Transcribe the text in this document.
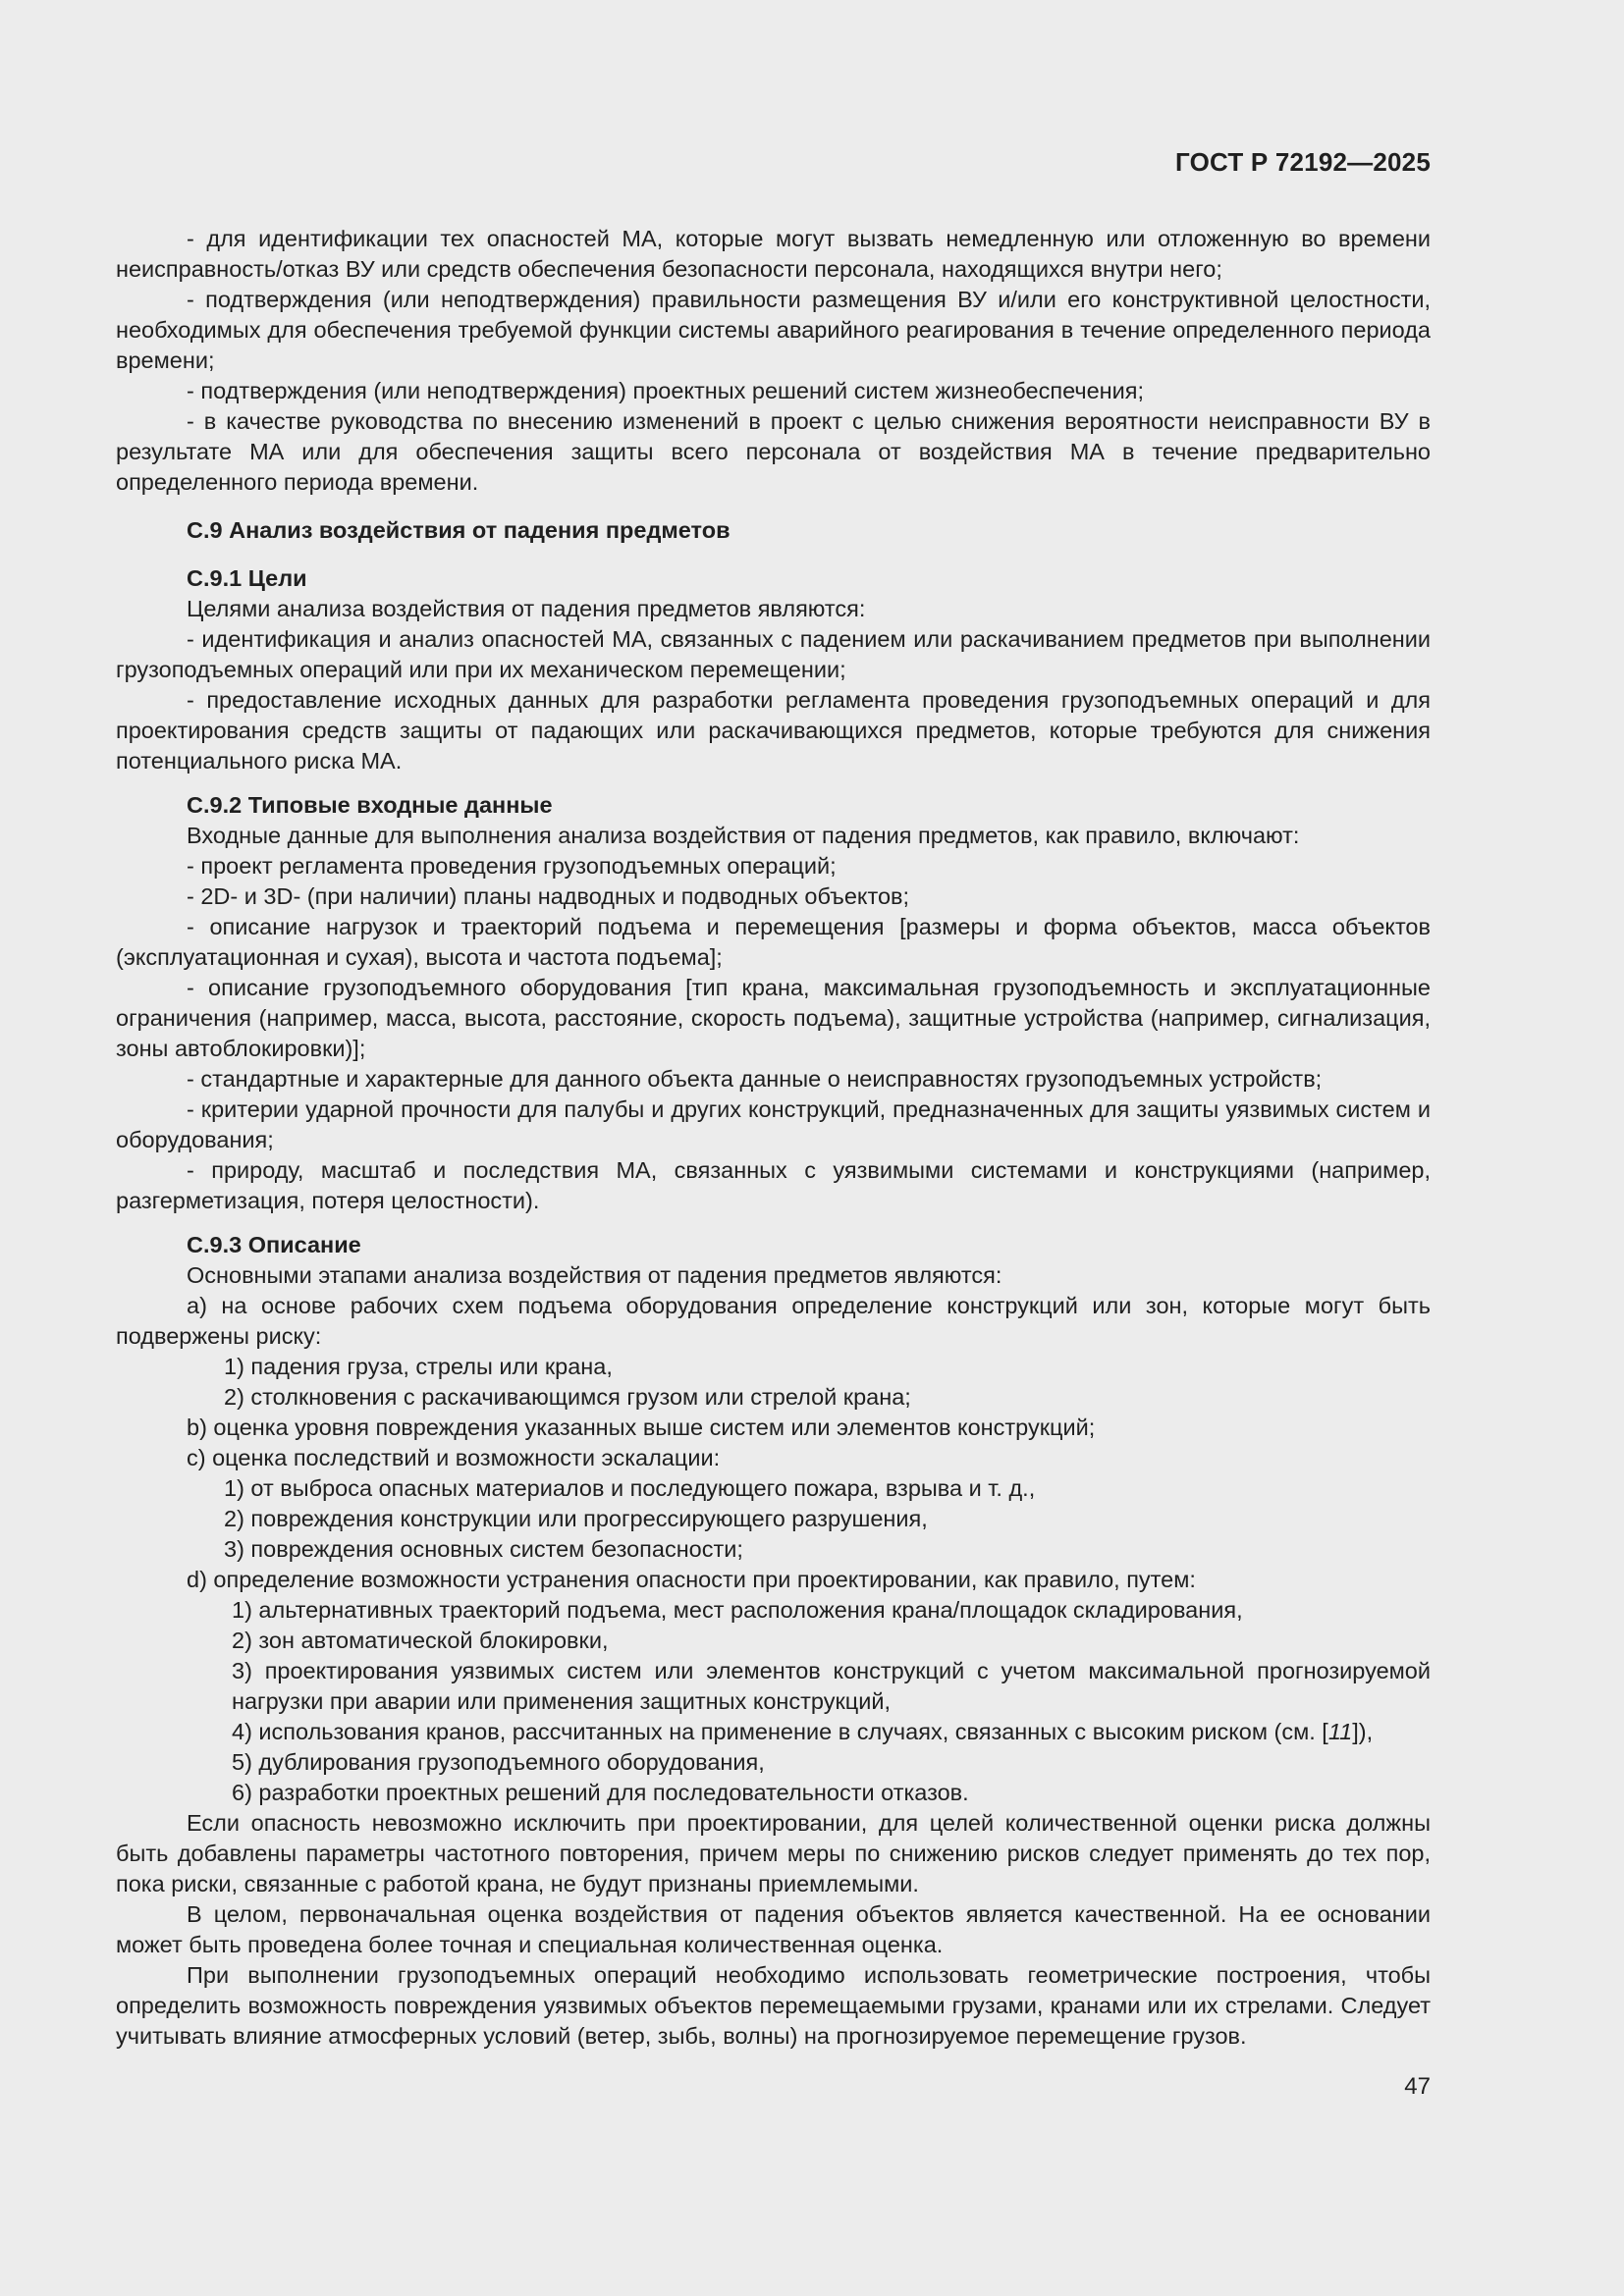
ГОСТ Р 72192—2025

- для идентификации тех опасностей МА, которые могут вызвать немедленную или отложенную во времени неисправность/отказ ВУ или средств обеспечения безопасности персонала, находящихся внутри него;

- подтверждения (или неподтверждения) правильности размещения ВУ и/или его конструктивной целостности, необходимых для обеспечения требуемой функции системы аварийного реагирования в течение определенного периода времени;

- подтверждения (или неподтверждения) проектных решений систем жизнеобеспечения;

- в качестве руководства по внесению изменений в проект с целью снижения вероятности неисправности ВУ в результате МА или для обеспечения защиты всего персонала от воздействия МА в течение предварительно определенного периода времени.

С.9 Анализ воздействия от падения предметов

С.9.1 Цели

Целями анализа воздействия от падения предметов являются:

- идентификация и анализ опасностей МА, связанных с падением или раскачиванием предметов при выполнении грузоподъемных операций или при их механическом перемещении;

- предоставление исходных данных для разработки регламента проведения грузоподъемных операций и для проектирования средств защиты от падающих или раскачивающихся предметов, которые требуются для снижения потенциального риска МА.

С.9.2 Типовые входные данные

Входные данные для выполнения анализа воздействия от падения предметов, как правило, включают:

- проект регламента проведения грузоподъемных операций;

- 2D- и 3D- (при наличии) планы надводных и подводных объектов;

- описание нагрузок и траекторий подъема и перемещения [размеры и форма объектов, масса объектов (эксплуатационная и сухая), высота и частота подъема];

- описание грузоподъемного оборудования [тип крана, максимальная грузоподъемность и эксплуатационные ограничения (например, масса, высота, расстояние, скорость подъема), защитные устройства (например, сигнализация, зоны автоблокировки)];

- стандартные и характерные для данного объекта данные о неисправностях грузоподъемных устройств;

- критерии ударной прочности для палубы и других конструкций, предназначенных для защиты уязвимых систем и оборудования;

- природу, масштаб и последствия МА, связанных с уязвимыми системами и конструкциями (например, разгерметизация, потеря целостности).

С.9.3 Описание

Основными этапами анализа воздействия от падения предметов являются:

а) на основе рабочих схем подъема оборудования определение конструкций или зон, которые могут быть подвержены риску:

1) падения груза, стрелы или крана,

2) столкновения с раскачивающимся грузом или стрелой крана;

b) оценка уровня повреждения указанных выше систем или элементов конструкций;

с) оценка последствий и возможности эскалации:

1) от выброса опасных материалов и последующего пожара, взрыва и т. д.,

2) повреждения конструкции или прогрессирующего разрушения,

3) повреждения основных систем безопасности;

d) определение возможности устранения опасности при проектировании, как правило, путем:

1) альтернативных траекторий подъема, мест расположения крана/площадок складирования,

2) зон автоматической блокировки,

3) проектирования уязвимых систем или элементов конструкций с учетом максимальной прогнозируемой нагрузки при аварии или применения защитных конструкций,

4) использования кранов, рассчитанных на применение в случаях, связанных с высоким риском (см. [11]),

5) дублирования грузоподъемного оборудования,

6) разработки проектных решений для последовательности отказов.

Если опасность невозможно исключить при проектировании, для целей количественной оценки риска должны быть добавлены параметры частотного повторения, причем меры по снижению рисков следует применять до тех пор, пока риски, связанные с работой крана, не будут признаны приемлемыми.

В целом, первоначальная оценка воздействия от падения объектов является качественной. На ее основании может быть проведена более точная и специальная количественная оценка.

При выполнении грузоподъемных операций необходимо использовать геометрические построения, чтобы определить возможность повреждения уязвимых объектов перемещаемыми грузами, кранами или их стрелами. Следует учитывать влияние атмосферных условий (ветер, зыбь, волны) на прогнозируемое перемещение грузов.

47
